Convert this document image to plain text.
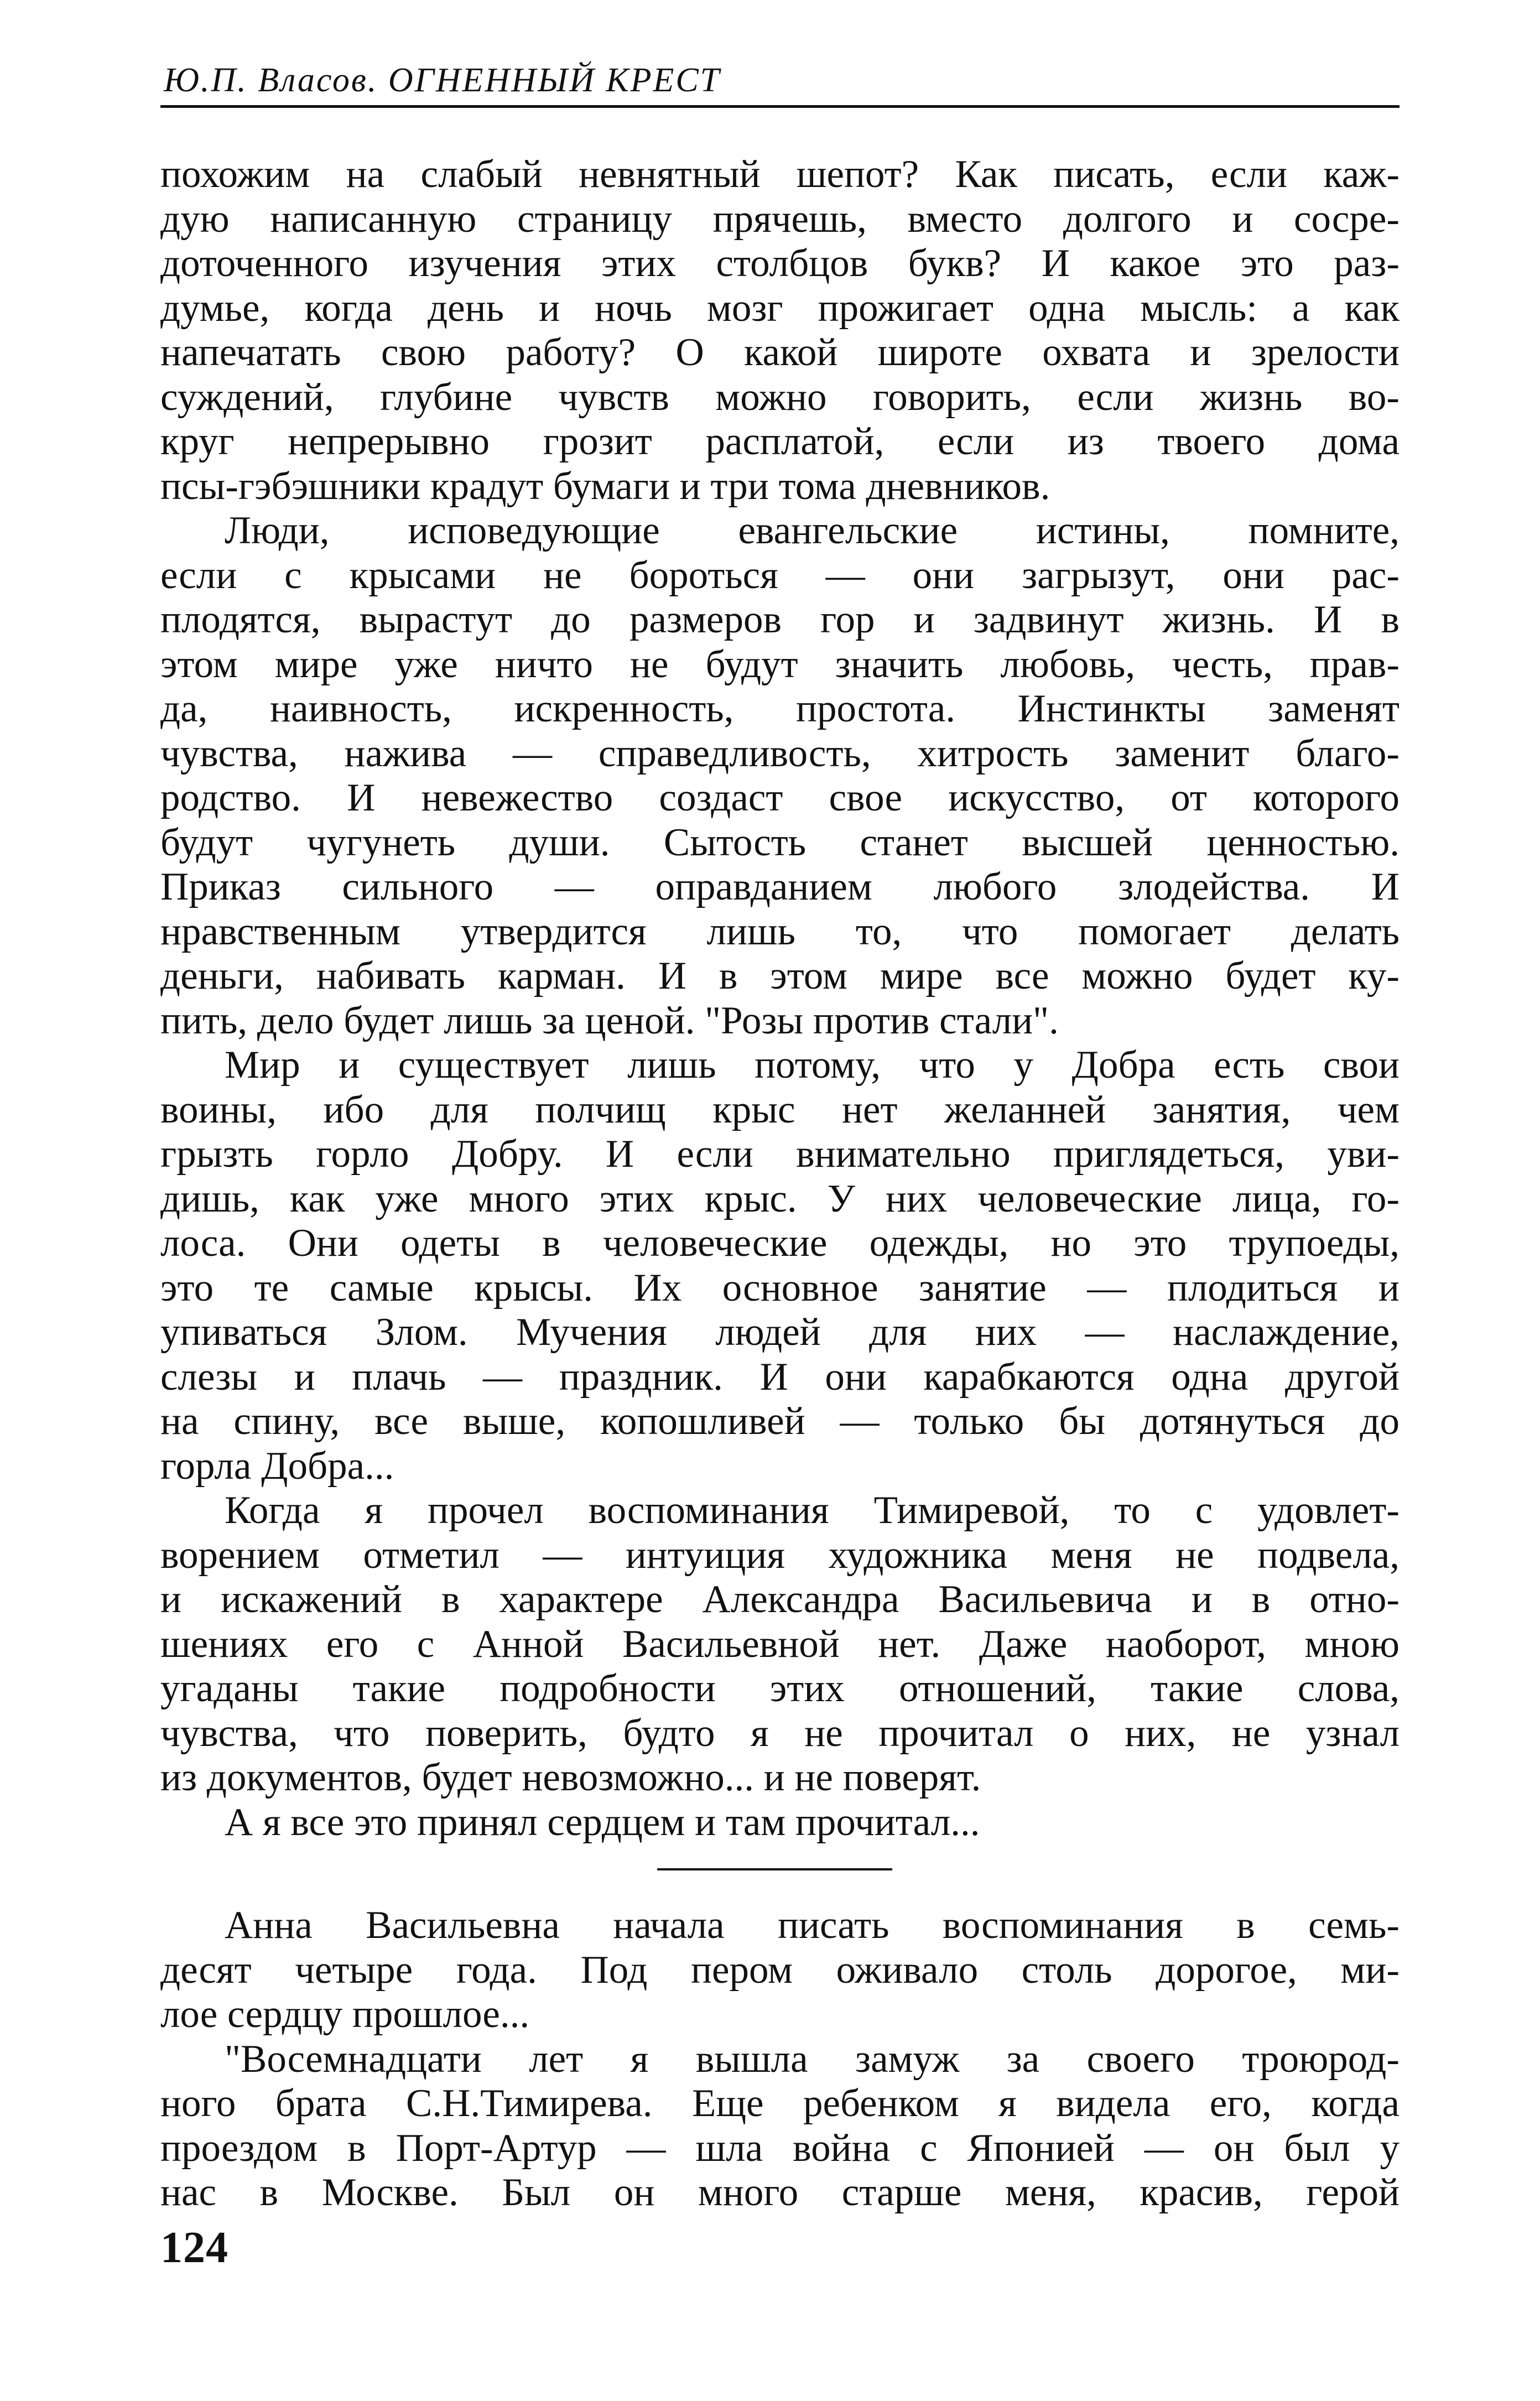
Ю.П. Власов. ОГНЕННЫЙ КРЕСТ
похожим на слабый невнятный шепот? Как писать, если каж-
дую написанную страницу прячешь, вместо долгого и сосре-
доточенного изучения этих столбцов букв? И какое это раз-
думье, когда день и ночь мозг прожигает одна мысль: а как
напечатать свою работу? О какой широте охвата и зрелости
суждений, глубине чувств можно говорить, если жизнь во-
круг непрерывно грозит расплатой, если из твоего дома
псы-гэбэшники крадут бумаги и три тома дневников.
Люди, исповедующие евангельские истины, помните,
если с крысами не бороться — они загрызут, они рас-
плодятся, вырастут до размеров гор и задвинут жизнь. И в
этом мире уже ничто не будут значить любовь, честь, прав-
да, наивность, искренность, простота. Инстинкты заменят
чувства, нажива — справедливость, хитрость заменит благо-
родство. И невежество создаст свое искусство, от которого
будут чугунеть души. Сытость станет высшей ценностью.
Приказ сильного — оправданием любого злодейства. И
нравственным утвердится лишь то, что помогает делать
деньги, набивать карман. И в этом мире все можно будет ку-
пить, дело будет лишь за ценой. "Розы против стали".
Мир и существует лишь потому, что у Добра есть свои
воины, ибо для полчищ крыс нет желанней занятия, чем
грызть горло Добру. И если внимательно приглядеться, уви-
дишь, как уже много этих крыс. У них человеческие лица, го-
лоса. Они одеты в человеческие одежды, но это трупоеды,
это те самые крысы. Их основное занятие — плодиться и
упиваться Злом. Мучения людей для них — наслаждение,
слезы и плачь — праздник. И они карабкаются одна другой
на спину, все выше, копошливей — только бы дотянуться до
горла Добра...
Когда я прочел воспоминания Тимиревой, то с удовлет-
ворением отметил — интуиция художника меня не подвела,
и искажений в характере Александра Васильевича и в отно-
шениях его с Анной Васильевной нет. Даже наоборот, мною
угаданы такие подробности этих отношений, такие слова,
чувства, что поверить, будто я не прочитал о них, не узнал
из документов, будет невозможно... и не поверят.
А я все это принял сердцем и там прочитал...
Анна Васильевна начала писать воспоминания в семь-
десят четыре года. Под пером оживало столь дорогое, ми-
лое сердцу прошлое...
"Восемнадцати лет я вышла замуж за своего троюрод-
ного брата С.Н.Тимирева. Еще ребенком я видела его, когда
проездом в Порт-Артур — шла война с Японией — он был у
нас в Москве. Был он много старше меня, красив, герой
124
